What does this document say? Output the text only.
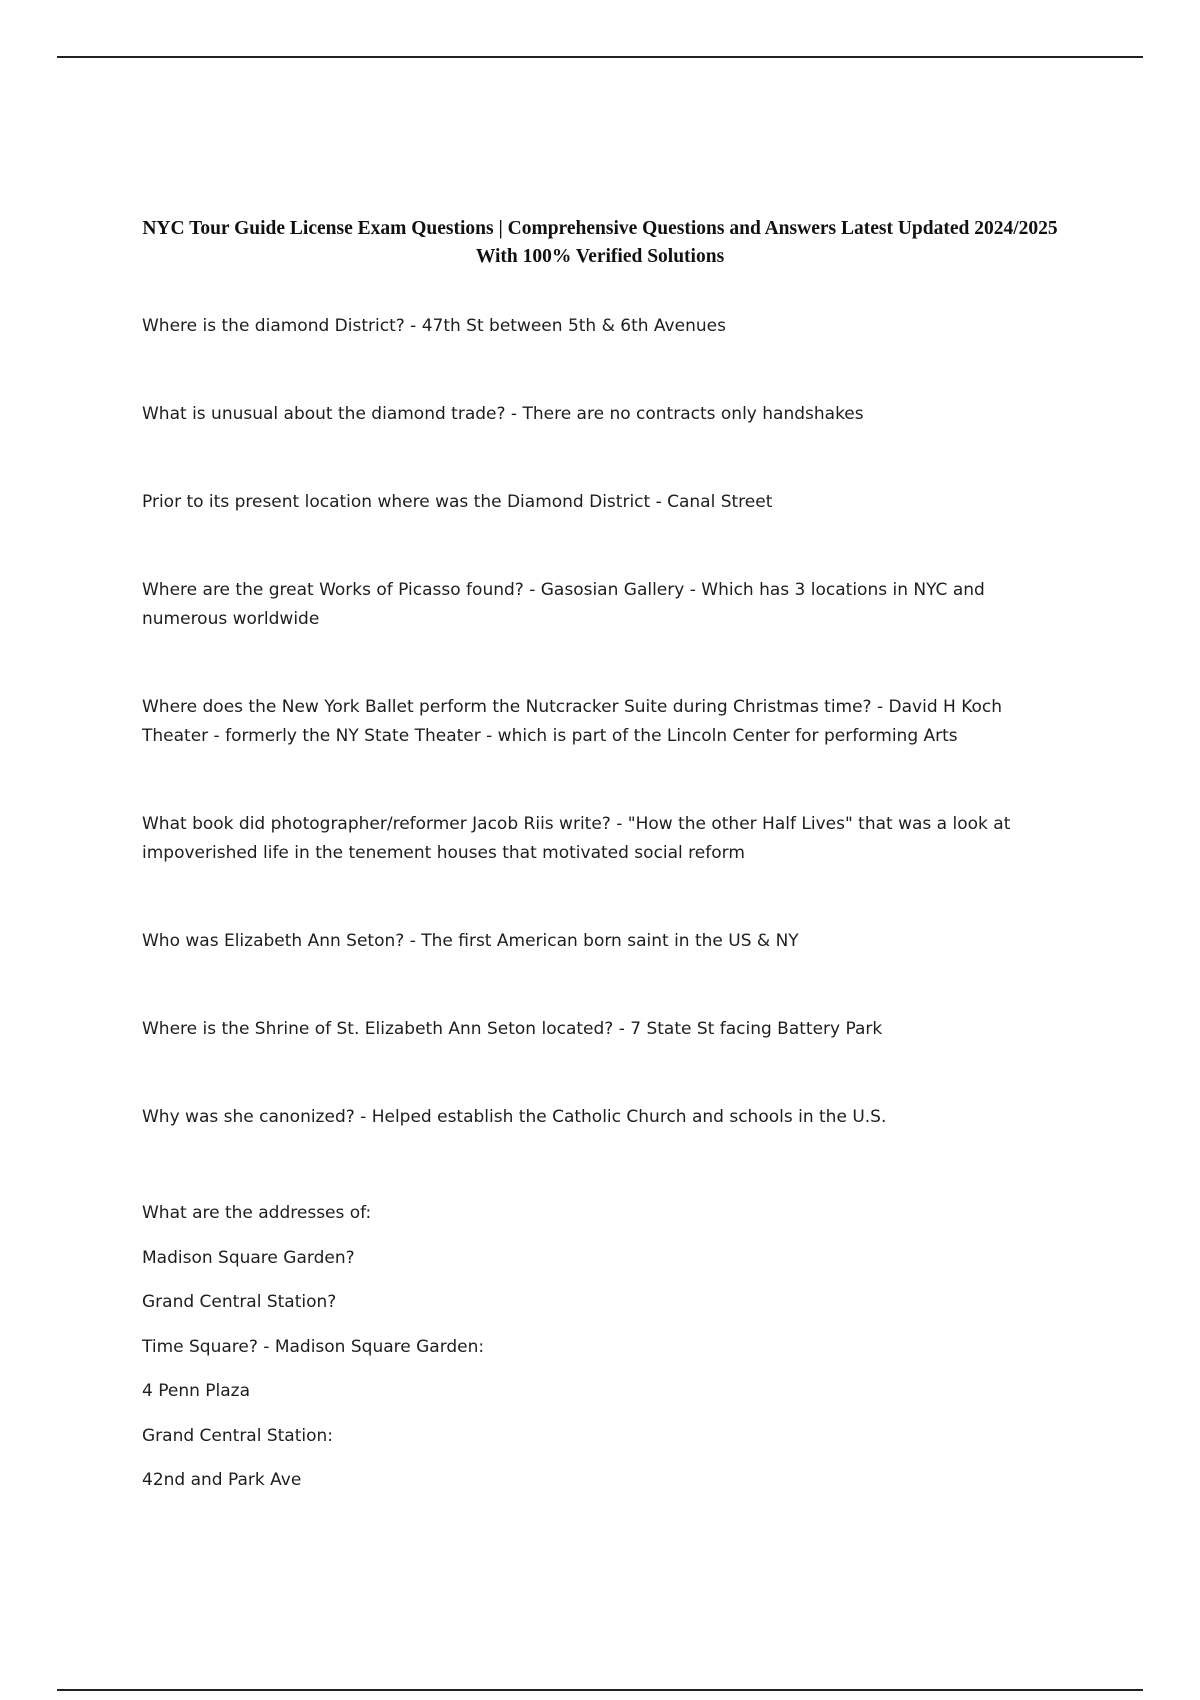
NYC Tour Guide License Exam Questions | Comprehensive Questions and Answers Latest Updated 2024/2025 With 100% Verified Solutions

Where is the diamond District? - 47th St between 5th & 6th Avenues

What is unusual about the diamond trade? - There are no contracts only handshakes

Prior to its present location where was the Diamond District - Canal Street

Where are the great Works of Picasso found? - Gasosian Gallery - Which has 3 locations in NYC and numerous worldwide

Where does the New York Ballet perform the Nutcracker Suite during Christmas time? - David H Koch Theater - formerly the NY State Theater - which is part of the Lincoln Center for performing Arts

What book did photographer/reformer Jacob Riis write? - "How the other Half Lives" that was a look at impoverished life in the tenement houses that motivated social reform

Who was Elizabeth Ann Seton? - The first American born saint in the US & NY

Where is the Shrine of St. Elizabeth Ann Seton located? - 7 State St facing Battery Park

Why was she canonized? - Helped establish the Catholic Church and schools in the U.S.

What are the addresses of:
Madison Square Garden?
Grand Central Station?
Time Square? - Madison Square Garden:
4 Penn Plaza
Grand Central Station:
42nd and Park Ave
